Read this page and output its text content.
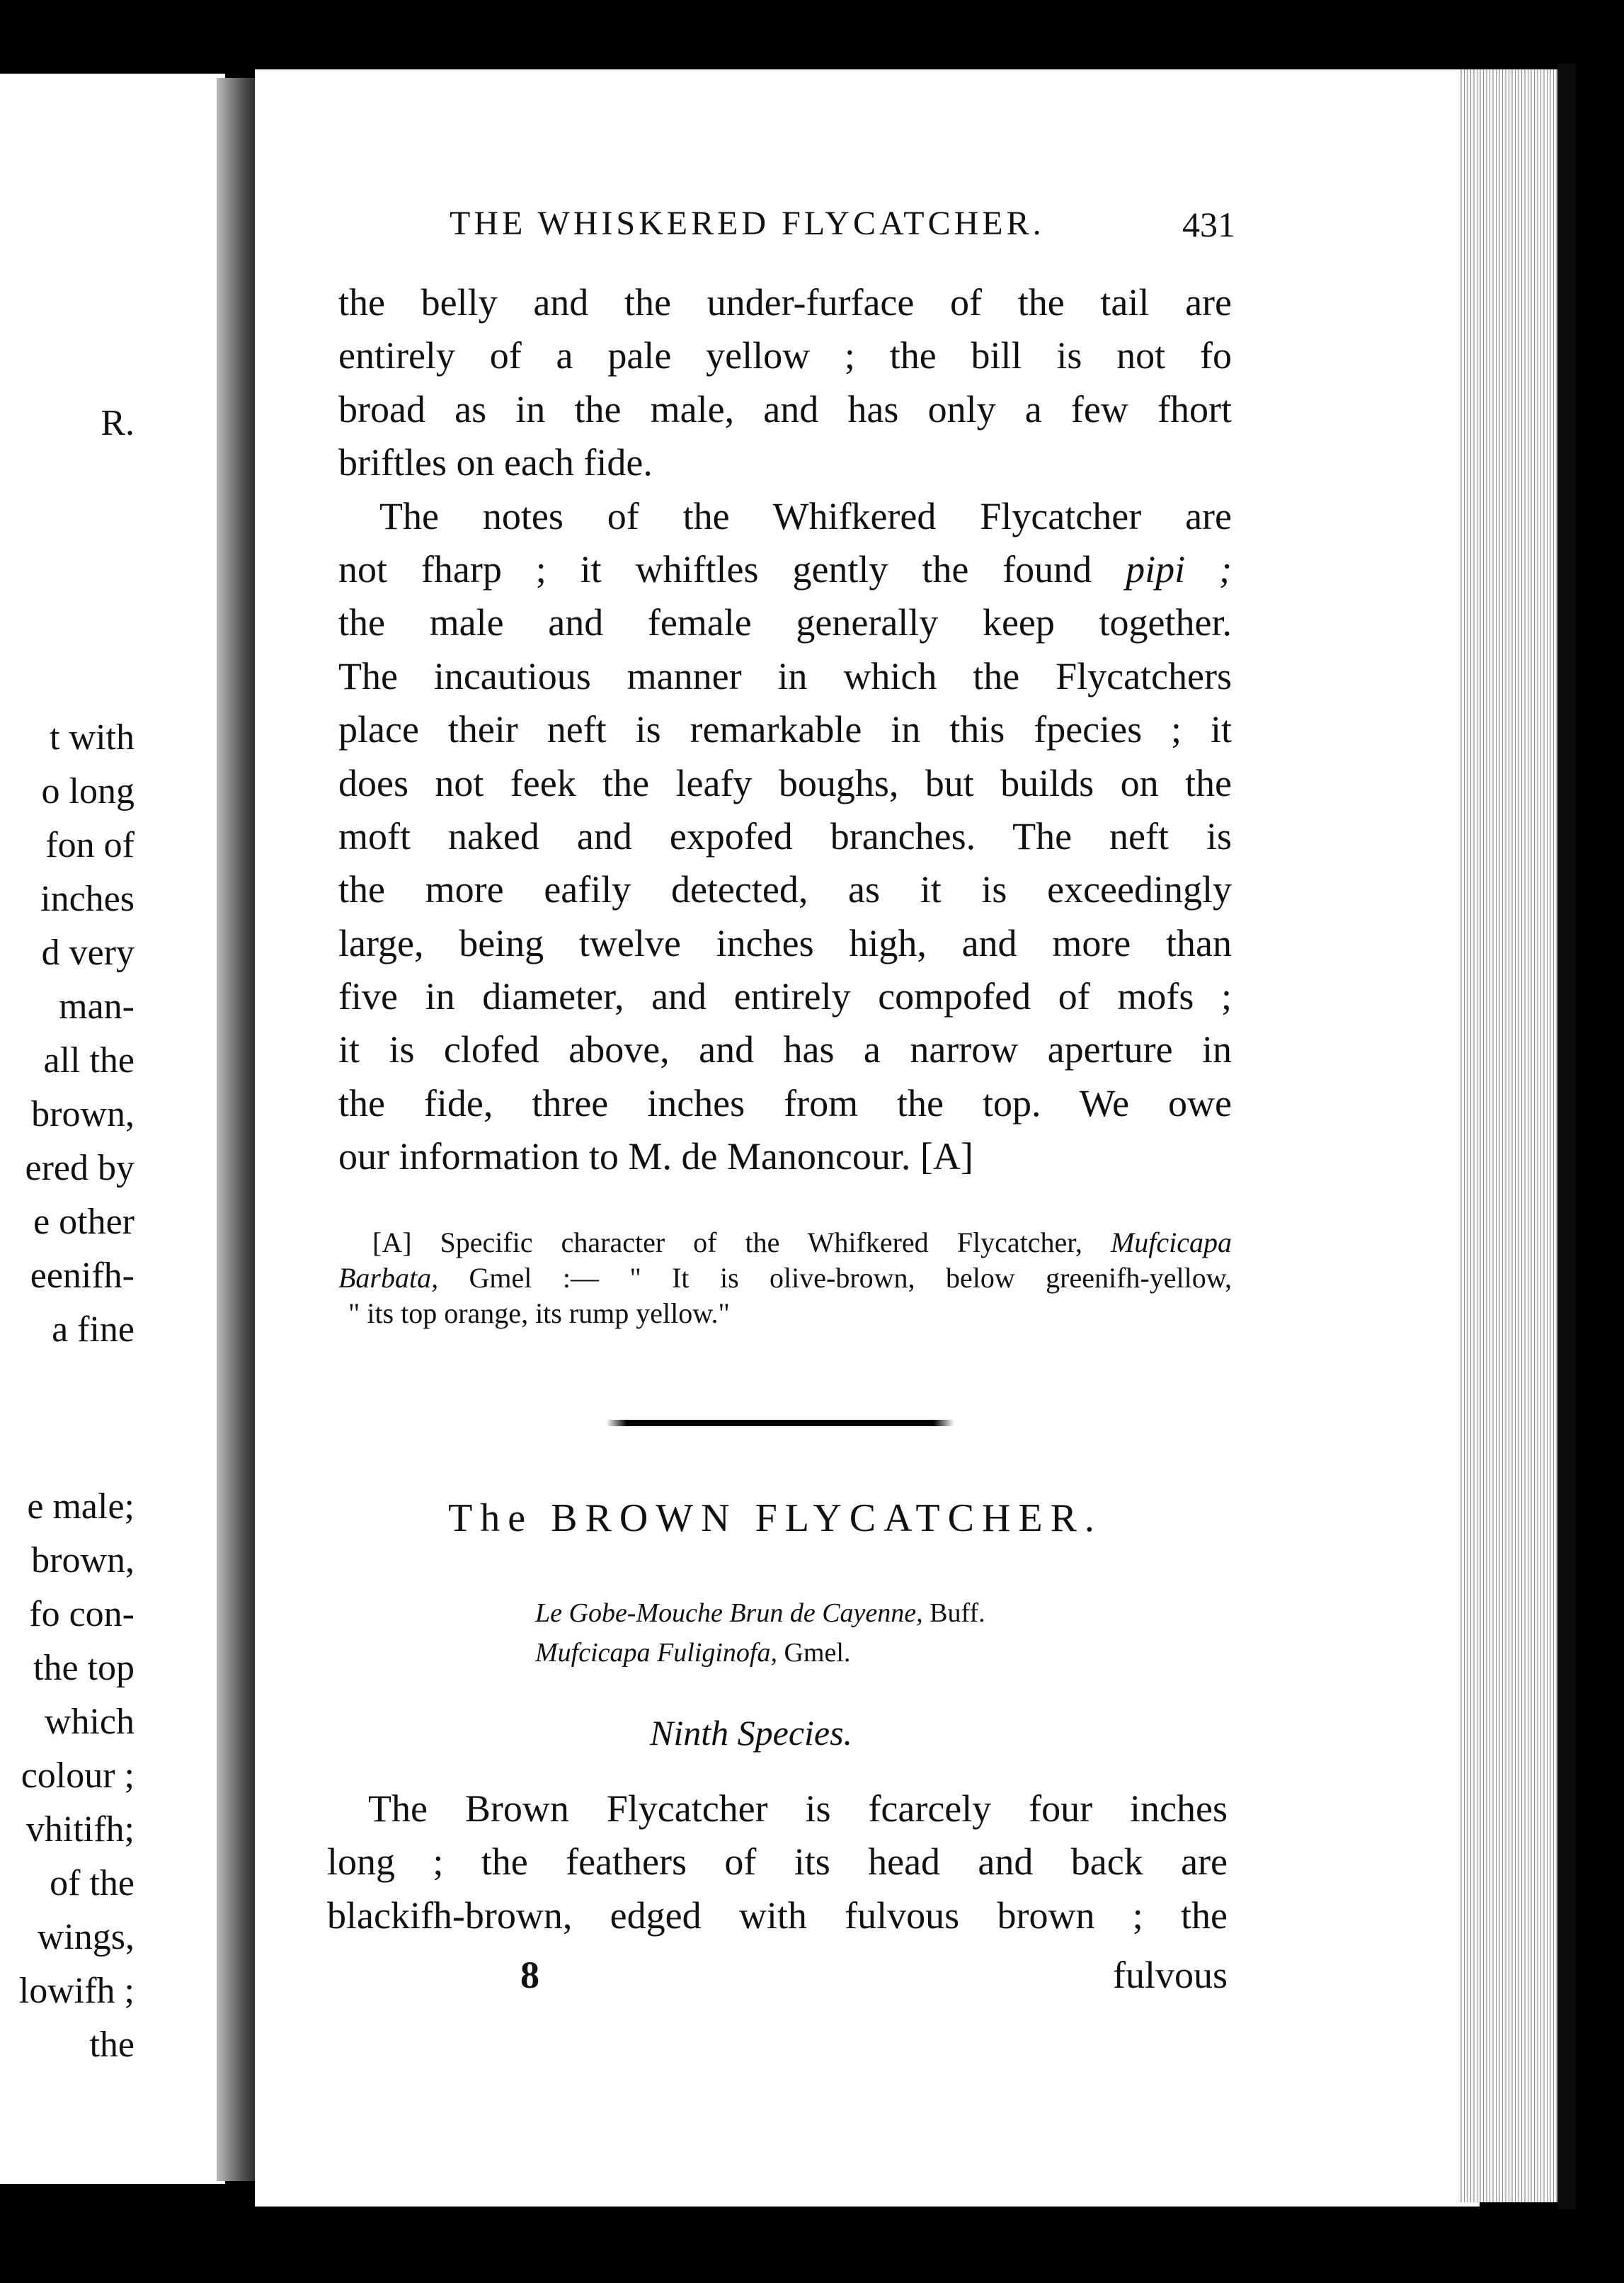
R.
t with
o long
fon of
inches
d very
man-
all the
brown,
ered by
e other
eenifh-
a fine
e male;
brown,
fo con-
the top
which
colour ;
vhitifh;
of the
wings,
lowifh ;
the
THE WHISKERED FLYCATCHER.	431
the belly and the under-furface of the tail are
entirely of a pale yellow ; the bill is not fo
broad as in the male, and has only a few fhort
briftles on each fide.
The notes of the Whifkered Flycatcher are
not fharp ; it whiftles gently the found pipi ;
the male and female generally keep together.
The incautious manner in which the Flycatchers
place their neft is remarkable in this fpecies ; it
does not feek the leafy boughs, but builds on the
moft naked and expofed branches. The neft is
the more eafily detected, as it is exceedingly
large, being twelve inches high, and more than
five in diameter, and entirely compofed of mofs ;
it is clofed above, and has a narrow aperture in
the fide, three inches from the top. We owe
our information to M. de Manoncour. [A]
[A] Specific character of the Whifkered Flycatcher, Mufcicapa
Barbata, Gmel :— " It is olive-brown, below greenifh-yellow,
" its top orange, its rump yellow."
The BROWN FLYCATCHER.
Le Gobe-Mouche Brun de Cayenne, Buff.
Mufcicapa Fuliginofa, Gmel.
Ninth Species.
The Brown Flycatcher is fcarcely four inches
long ; the feathers of its head and back are
blackifh-brown, edged with fulvous brown ; the
8	fulvous
